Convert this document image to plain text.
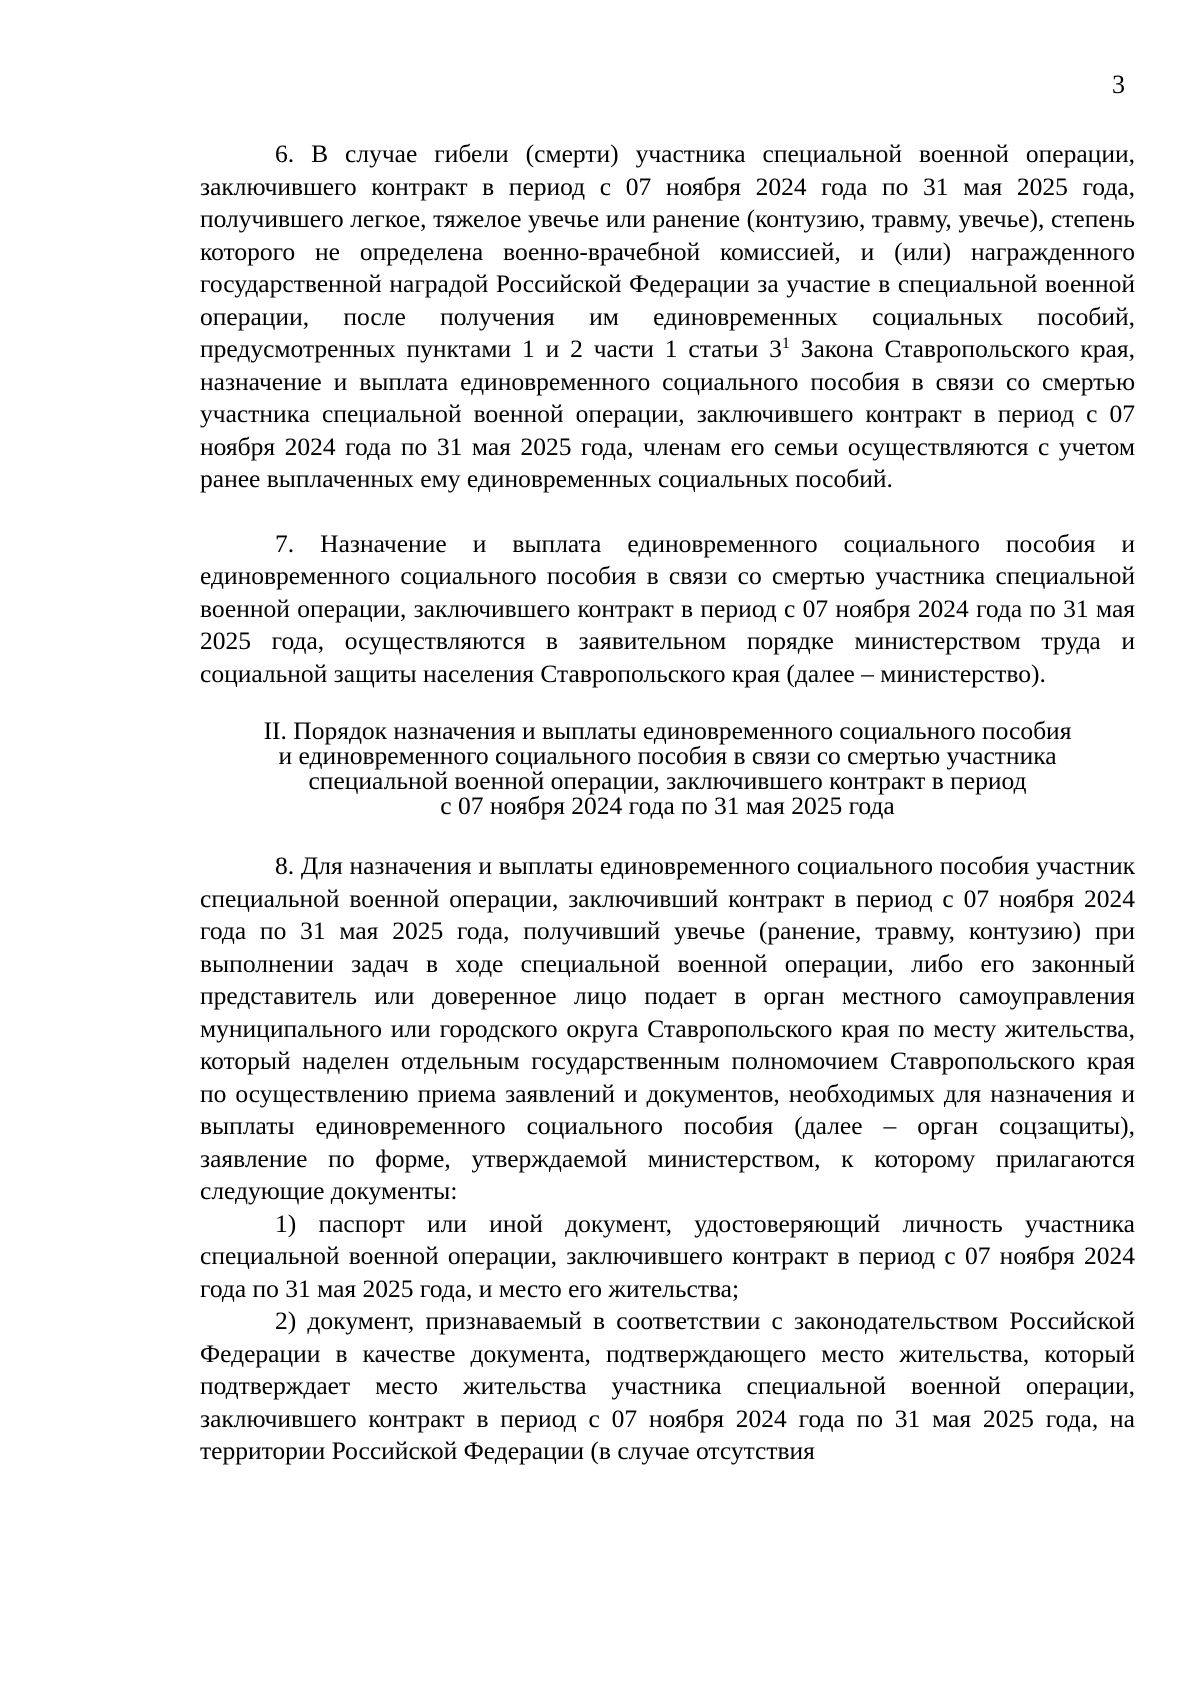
3

6. В случае гибели (смерти) участника специальной военной операции, заключившего контракт в период с 07 ноября 2024 года по 31 мая 2025 года, получившего легкое, тяжелое увечье или ранение (контузию, травму, увечье), степень которого не определена военно-врачебной комиссией, и (или) награжденного государственной наградой Российской Федерации за участие в специальной военной операции, после получения им единовременных социальных пособий, предусмотренных пунктами 1 и 2 части 1 статьи $3^1$ Закона Ставропольского края, назначение и выплата единовременного социального пособия в связи со смертью участника специальной военной операции, заключившего контракт в период с 07 ноября 2024 года по 31 мая 2025 года, членам его семьи осуществляются с учетом ранее выплаченных ему единовременных социальных пособий.

7. Назначение и выплата единовременного социального пособия и единовременного социального пособия в связи со смертью участника специальной военной операции, заключившего контракт в период с 07 ноября 2024 года по 31 мая 2025 года, осуществляются в заявительном порядке министерством труда и социальной защиты населения Ставропольского края (далее – министерство).

II. Порядок назначения и выплаты единовременного социального пособия
и единовременного социального пособия в связи со смертью участника
специальной военной операции, заключившего контракт в период
с 07 ноября 2024 года по 31 мая 2025 года

8. Для назначения и выплаты единовременного социального пособия участник специальной военной операции, заключивший контракт в период с 07 ноября 2024 года по 31 мая 2025 года, получивший увечье (ранение, травму, контузию) при выполнении задач в ходе специальной военной операции, либо его законный представитель или доверенное лицо подает в орган местного самоуправления муниципального или городского округа Ставропольского края по месту жительства, который наделен отдельным государственным полномочием Ставропольского края по осуществлению приема заявлений и документов, необходимых для назначения и выплаты единовременного социального пособия (далее – орган соцзащиты), заявление по форме, утверждаемой министерством, к которому прилагаются следующие документы:

1) паспорт или иной документ, удостоверяющий личность участника специальной военной операции, заключившего контракт в период с 07 ноября 2024 года по 31 мая 2025 года, и место его жительства;

2) документ, признаваемый в соответствии с законодательством Российской Федерации в качестве документа, подтверждающего место жительства, который подтверждает место жительства участника специальной военной операции, заключившего контракт в период с 07 ноября 2024 года по 31 мая 2025 года, на территории Российской Федерации (в случае отсутствия
